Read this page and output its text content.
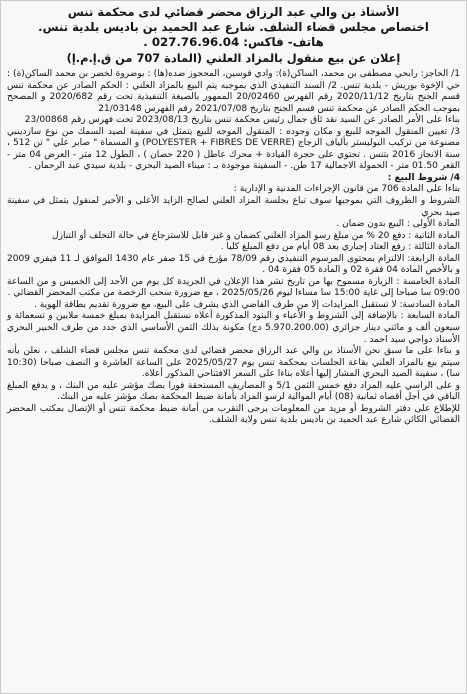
الأستاذ بن والي عبد الرزاق محضر قضائي لدى محكمة تنس
اختصاص مجلس قضاء الشلف. شارع عبد الحميد بن باديس بلدية تنس.
هاتف- فاكس: 027.76.96.04 .
إعلان عن بيع منقول بالمزاد العلني (المادة 707 من ق.إ.م.إ)

1/ الحاجز: رابحي مصطفى بن محمد، الساكن(ة): وادي قوسين، المحجوز ضده(ها) : بوضروة لخضر بن محمد الساكن(ة) : حي الإخوة بوريش - بلدية تنس. 2/ السند التنفيذي الذي بموجبه يتم البيع بالمزاد العلني : الحكم الصادر عن محكمة تنس قسم الجنح بتاريخ 2020/11/12 رقم الفهرس 20/02460 الممهور بالصيغة التنفيذية تحت رقم 2020/682 و المصحح بموجب الحكم الصادر عن محكمة تنس قسم الجنح بتاريخ 2021/07/08 رقم الفهرس 21/03148

بناءا على الأمر الصادر عن السيد نقد ئاق جمال رئيس محكمة تنس بتاريخ 2023/08/13 تحت فهرس رقم 23/00868

3/ تعيين المنقول الموجه للبيع و مكان وجوده : المنقول الموجه للبيع يتمثل في سفينة لصيد السمك من نوع ساردينبي مصنوعة من تركيب البوليستر بألياف الزجاج (POLYESTER + FIBRES DE VERRE) و المسماة " صابر علي " تن 512 ، سنة الانجاز 2016 بتنس . تحتوي على حجرة القيادة + محرك عاطل ( 220 حصان ) ، الطول 12 متر - العرض 04 متر - القعر 01.50 متر - الحمولة الاجمالية 17 طن. - السفينة موجودة بـ : ميناء الصيد البحري - بلدية سيدي عبد الرحمان .

4/ شروط البيع :

بناءا على المادة 706 من قانون الإجراءات المدنية و الإدارية :

الشروط و الظروف التي بموجبها سوف تباع بجلسة المزاد العلني لصالح الزايد الأعلى و الأخير لمنقول يتمثل في سفينة صيد بحري

المادة الأولى : البيع بدون ضمان .

المادة الثانية : دفع 20 % من مبلغ رسو المزاد العلني كضمان و غير قابل للاسترجاع في حالة التخلف أو التنازل

المادة الثالثة : رفع العتاد إجباري بعد 08 أيام من دفع المبلغ كليا .

المادة الرابعة: الالتزام بمحتوى المرسوم التنفيذي رقم 78/09 مؤرخ في 15 صفر عام 1430 الموافق لـ 11 فيفري 2009 و بالأخص المادة 04 فقرة 02 و المادة 05 فقرة 04 .

المادة الخامسة : الزيارة مسموح بها من تاريخ نشر هذا الإعلان في الجريدة كل يوم من الأحد إلى الخميس و من الساعة 09:00 سا صباحا إلى غاية 15:00 سا مساءا ليوم 2025/05/26 ، مع ضرورة سحب الرخصة من مكتب المحضر القضائي .

المادة السادسة: لا تستقبل المزايدات إلا من طرف القاضي الذي يشرف على البيع، مع ضرورة تقديم بطاقة الهوية .

المادة السابعة : بالإضافة إلى الشروط و الأعباء و البنود المذكورة أعلاه نستقبل المزايدة بمبلغ خمسة ملايين و تسعمائة و سبعون ألف و مائتي دينار جزائري (5.970.200.00 دج) مكونة بذلك الثمن الأساسي الذي حدد من طرف الخبير البحري الأستاذ دواجي سيد احمد .

و بناءا على ما سبق نحن الأستاذ بن والي عبد الرزاق محضر قضائي لدى محكمة تنس مجلس قضاء الشلف ، نعلن بأنه سيتم بيع بالمزاد العلني بقاعة الجلسات بمحكمة تنس يوم 2025/05/27 على الساعة العاشرة و النصف صباحا (10:30 سا) ، سفينة الصيد البحري المشار إليها أعلاه بناءا على السعر الافتتاحي المذكور أعلاه.

و على الراسي عليه المزاد دفع خمس الثمن 5/1 و المصاريف المستحقة فورا بصك مؤشر عليه من البنك ، و يدفع المبلغ الباقي في أجل أقصاه ثمانية (08) أيام الموالية لرسو المزاد بأمانة ضبط المحكمة بصك مؤشر عليه من البنك.

للإطلاع على دفتر الشروط أو مزيد من المعلومات يرجى التقرب من أمانة ضبط محكمة تنس أو الإتصال بمكتب المحضر القضائي الكائن شارع عبد الحميد بن باديس بلدية تنس ولاية الشلف.
